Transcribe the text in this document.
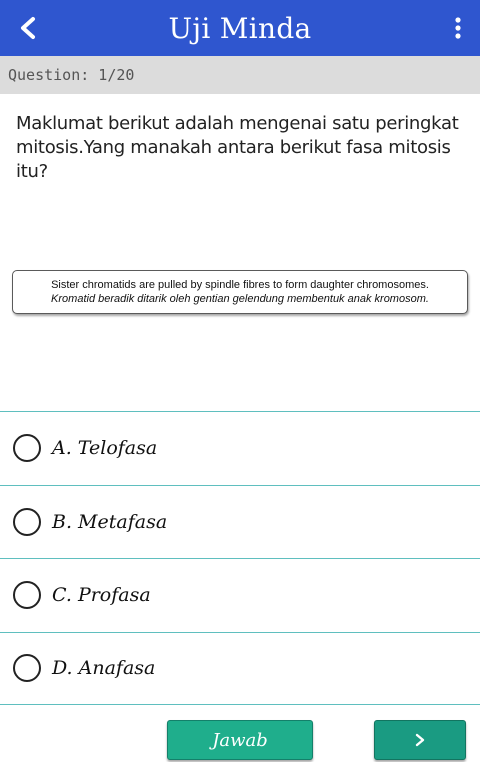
Uji Minda
Question: 1/20
Maklumat berikut adalah mengenai satu peringkat mitosis.Yang manakah antara berikut fasa mitosis itu?
Sister chromatids are pulled by spindle fibres to form daughter chromosomes.
Kromatid beradik ditarik oleh gentian gelendung membentuk anak kromosom.
A. Telofasa
B. Metafasa
C. Profasa
D. Anafasa
Jawab
